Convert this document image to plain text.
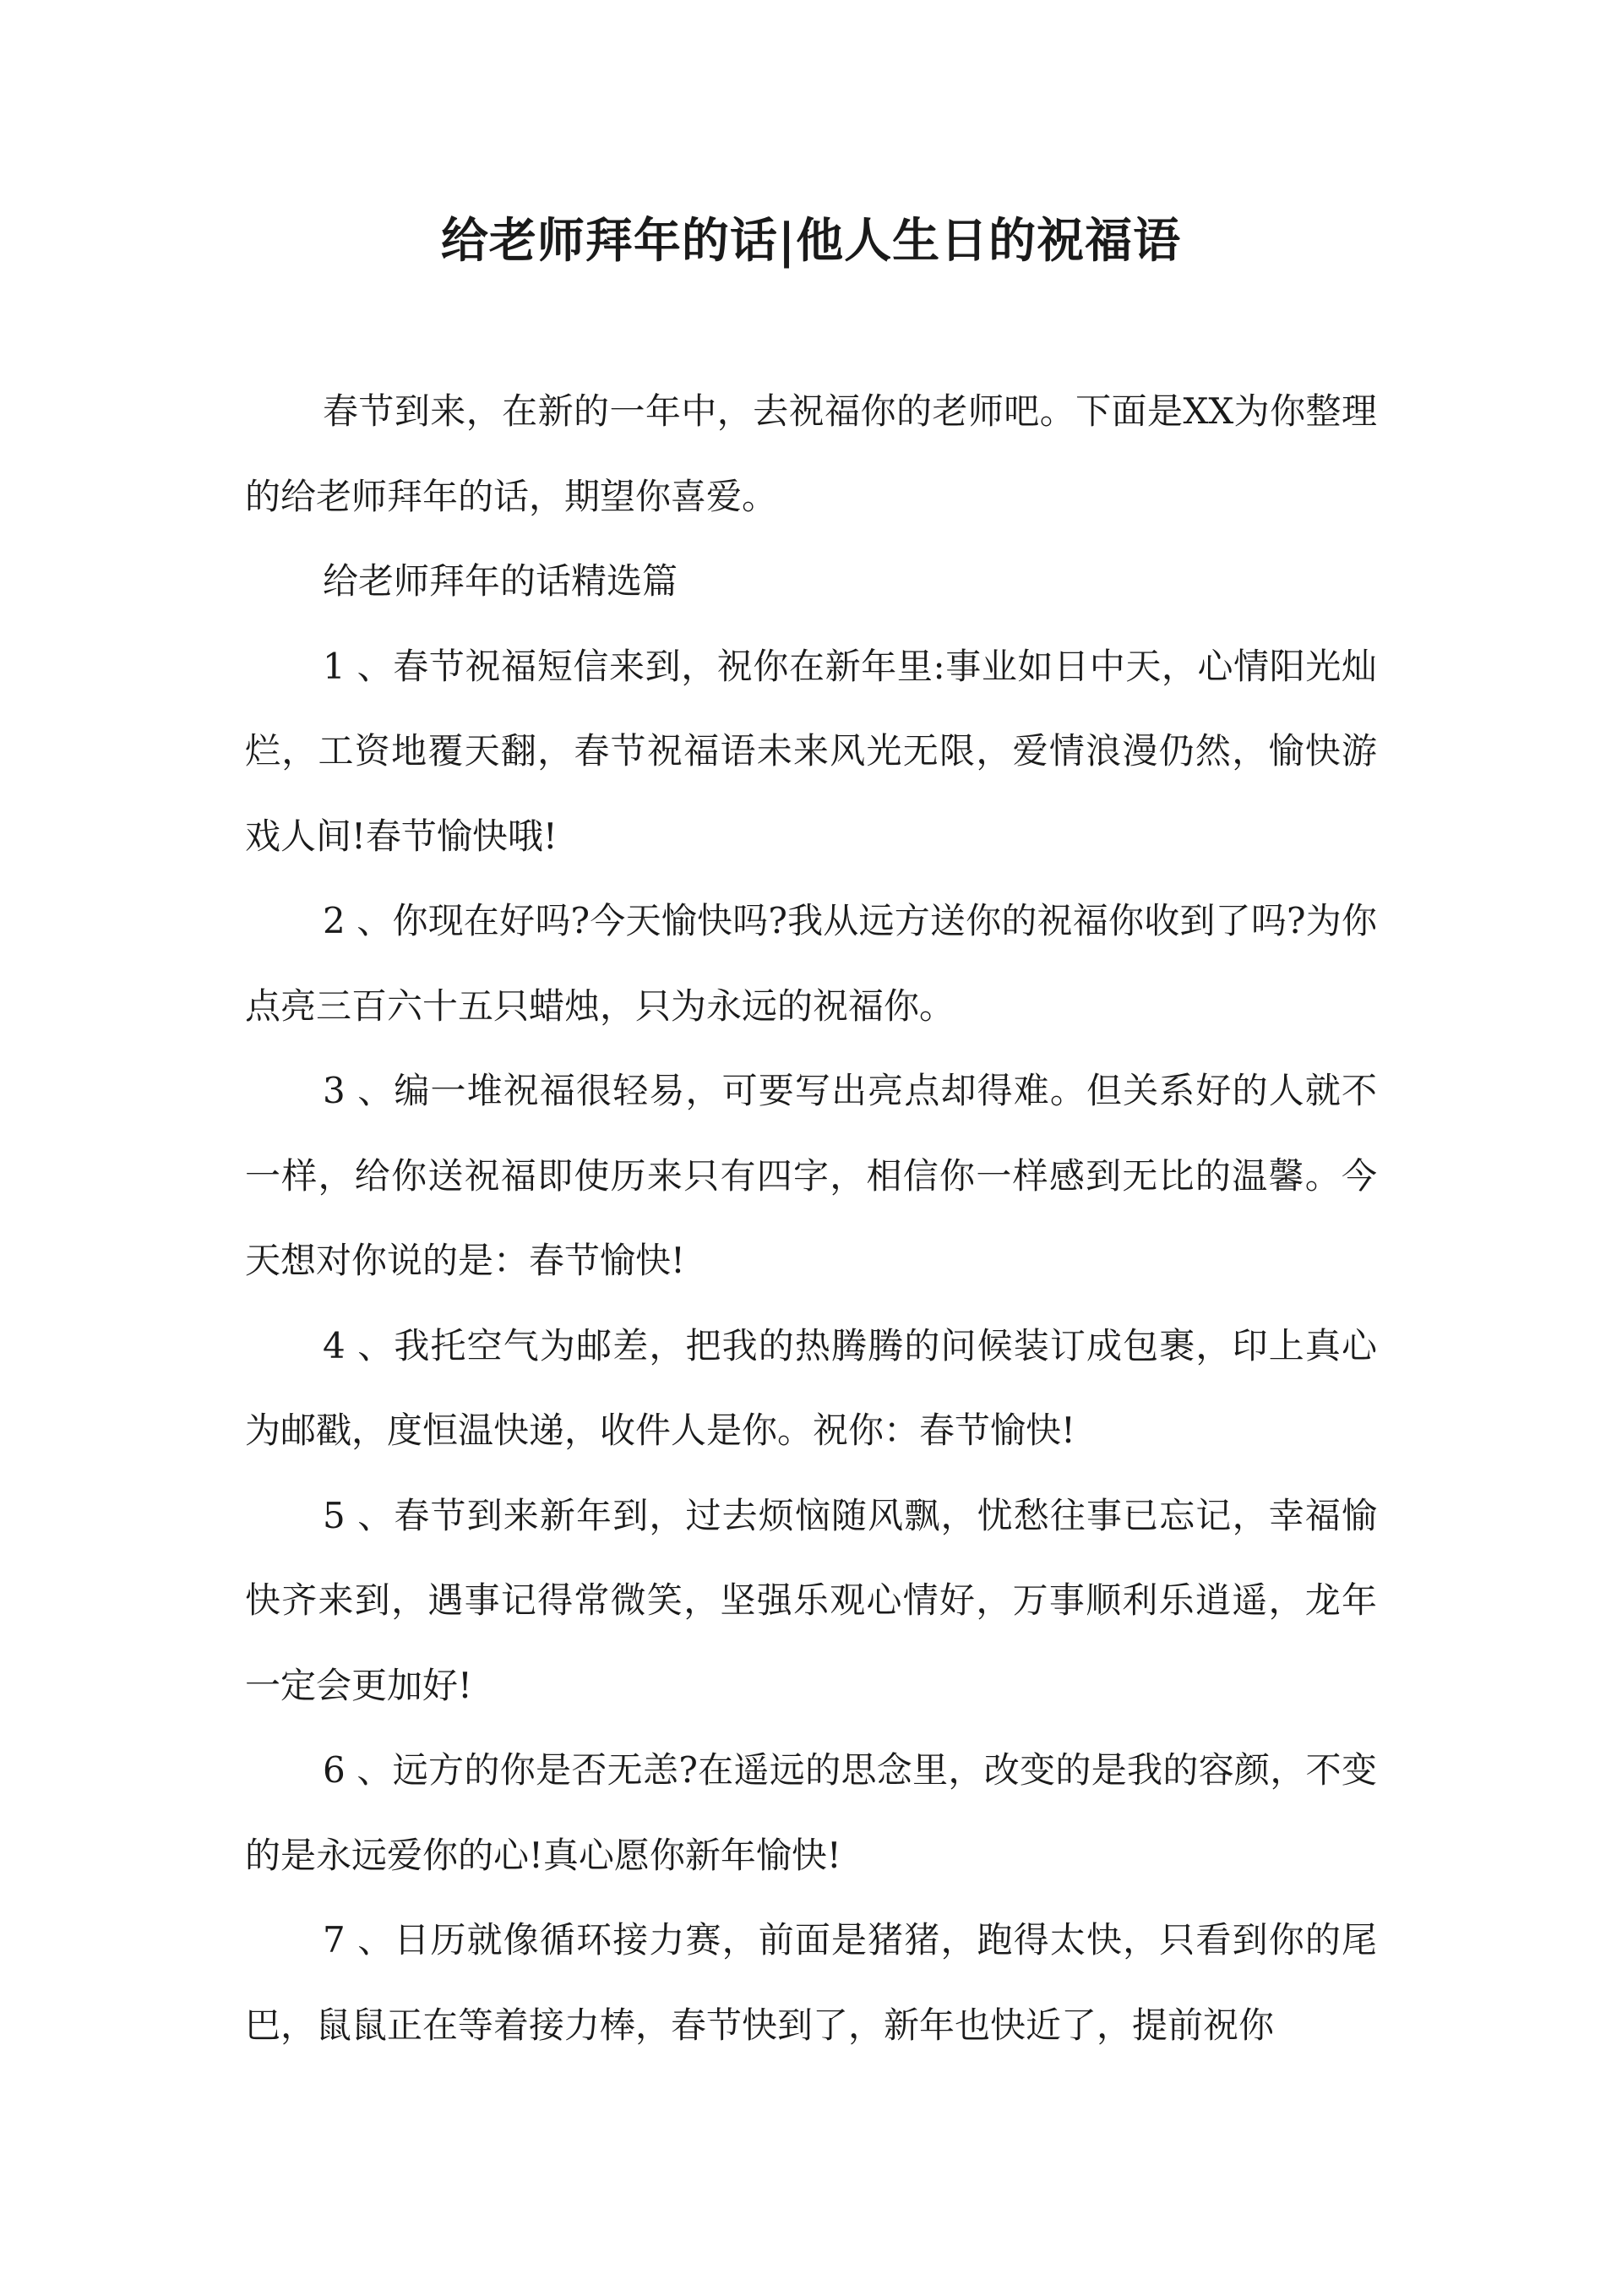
给老师拜年的话|他人生日的祝福语

春节到来，在新的一年中，去祝福你的老师吧。下面是XX为你整理的给老师拜年的话，期望你喜爱。

给老师拜年的话精选篇

1 、春节祝福短信来到，祝你在新年里:事业如日中天，心情阳光灿烂，工资地覆天翻，春节祝福语未来风光无限，爱情浪漫仍然，愉快游戏人间!春节愉快哦!

2 、你现在好吗?今天愉快吗?我从远方送你的祝福你收到了吗?为你点亮三百六十五只蜡烛，只为永远的祝福你。

3 、编一堆祝福很轻易，可要写出亮点却得难。但关系好的人就不一样，给你送祝福即使历来只有四字，相信你一样感到无比的温馨。今天想对你说的是：春节愉快!

4 、我托空气为邮差，把我的热腾腾的问候装订成包裹，印上真心为邮戳，度恒温快递，收件人是你。祝你：春节愉快!

5 、春节到来新年到，过去烦恼随风飘，忧愁往事已忘记，幸福愉快齐来到，遇事记得常微笑，坚强乐观心情好，万事顺利乐逍遥，龙年一定会更加好!

6 、远方的你是否无恙?在遥远的思念里，改变的是我的容颜，不变的是永远爱你的心!真心愿你新年愉快!

7 、日历就像循环接力赛，前面是猪猪，跑得太快，只看到你的尾巴，鼠鼠正在等着接力棒，春节快到了，新年也快近了，提前祝你
